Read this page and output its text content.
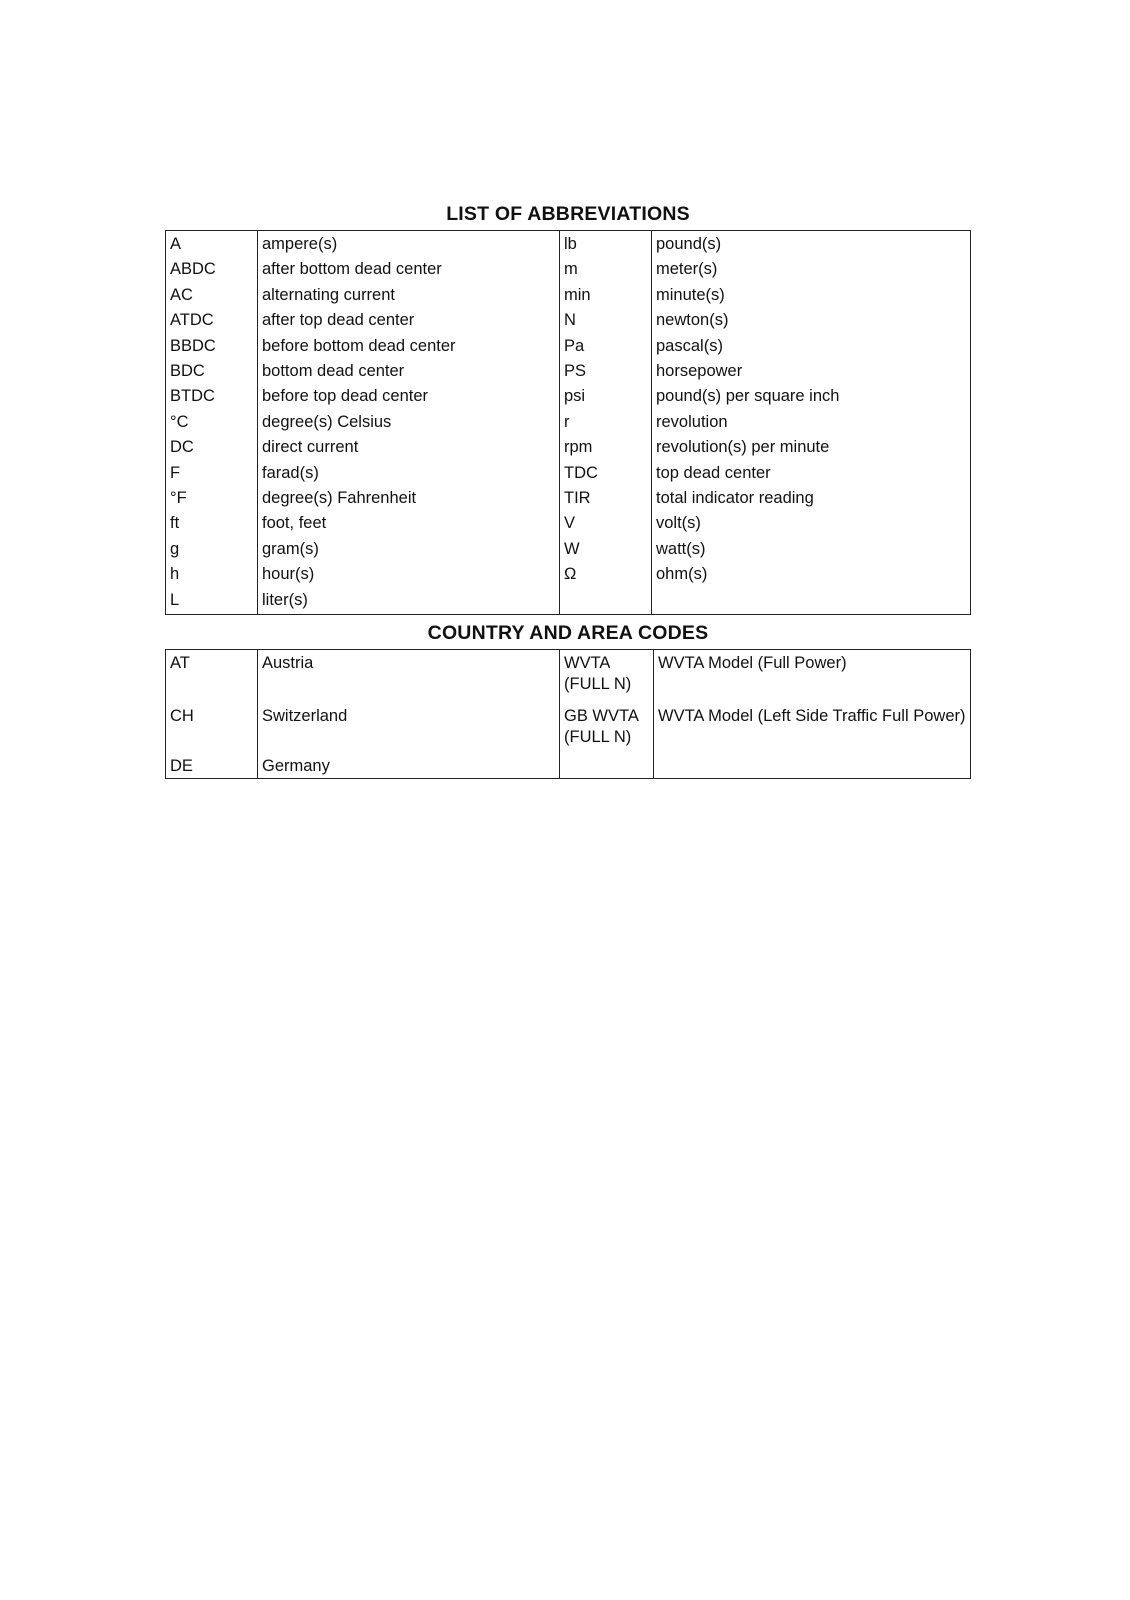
LIST OF ABBREVIATIONS
A	ampere(s)	lb	pound(s)
ABDC	after bottom dead center	m	meter(s)
AC	alternating current	min	minute(s)
ATDC	after top dead center	N	newton(s)
BBDC	before bottom dead center	Pa	pascal(s)
BDC	bottom dead center	PS	horsepower
BTDC	before top dead center	psi	pound(s) per square inch
°C	degree(s) Celsius	r	revolution
DC	direct current	rpm	revolution(s) per minute
F	farad(s)	TDC	top dead center
°F	degree(s) Fahrenheit	TIR	total indicator reading
ft	foot, feet	V	volt(s)
g	gram(s)	W	watt(s)
h	hour(s)	Ω	ohm(s)
L	liter(s)		
COUNTRY AND AREA CODES
AT	Austria	WVTA (FULL N)	WVTA Model (Full Power)
CH	Switzerland	GB WVTA (FULL N)	WVTA Model (Left Side Traffic Full Power)
DE	Germany		
